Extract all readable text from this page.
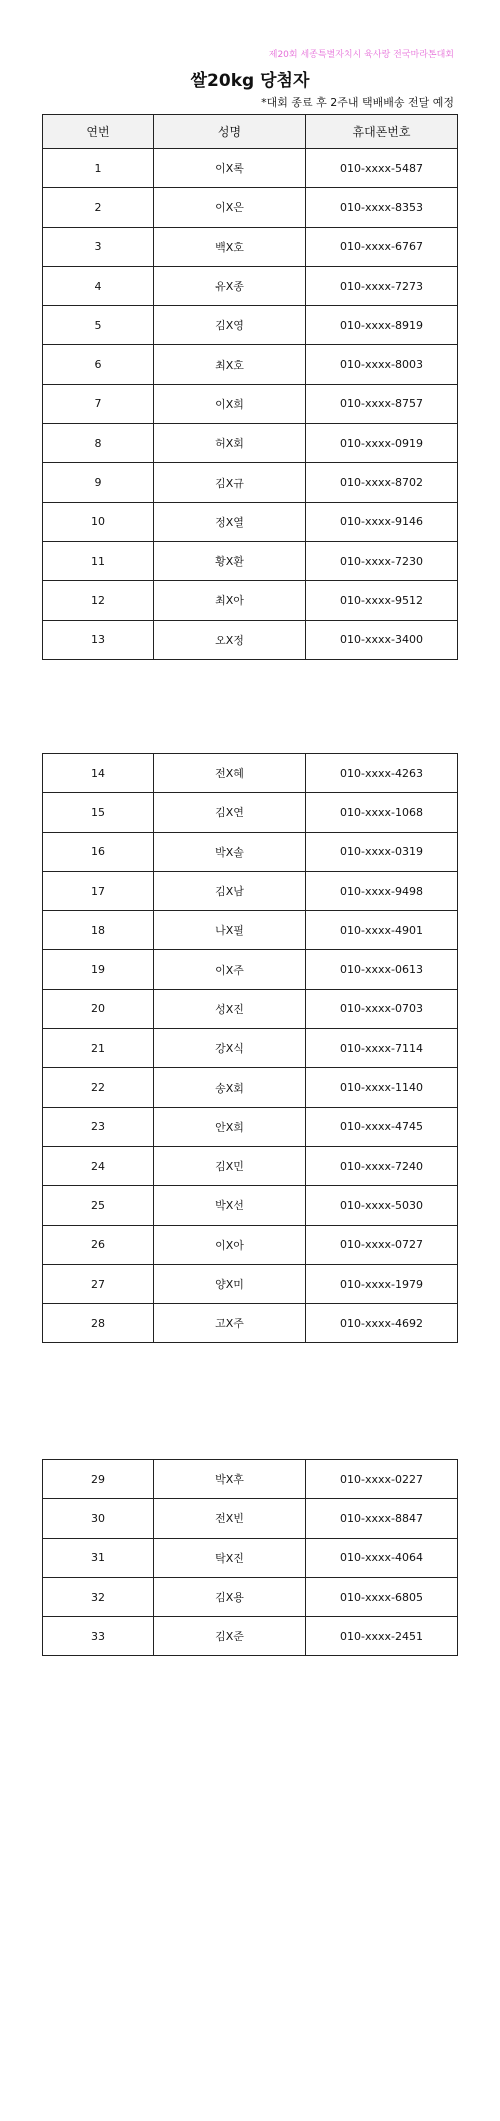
제20회 세종특별자치시 육사랑 전국마라톤대회
쌀20kg 당첨자
*대회 종료 후 2주내 택배배송 전달 예정
연번	성명	휴대폰번호
1	이X록	010-xxxx-5487
2	이X은	010-xxxx-8353
3	백X호	010-xxxx-6767
4	유X종	010-xxxx-7273
5	김X영	010-xxxx-8919
6	최X호	010-xxxx-8003
7	이X희	010-xxxx-8757
8	허X회	010-xxxx-0919
9	김X규	010-xxxx-8702
10	정X열	010-xxxx-9146
11	황X환	010-xxxx-7230
12	최X아	010-xxxx-9512
13	오X정	010-xxxx-3400
14	전X혜	010-xxxx-4263
15	김X연	010-xxxx-1068
16	박X솔	010-xxxx-0319
17	김X남	010-xxxx-9498
18	나X필	010-xxxx-4901
19	이X주	010-xxxx-0613
20	성X진	010-xxxx-0703
21	강X식	010-xxxx-7114
22	송X회	010-xxxx-1140
23	안X희	010-xxxx-4745
24	김X민	010-xxxx-7240
25	박X선	010-xxxx-5030
26	이X아	010-xxxx-0727
27	양X미	010-xxxx-1979
28	고X주	010-xxxx-4692
29	박X후	010-xxxx-0227
30	전X빈	010-xxxx-8847
31	탁X진	010-xxxx-4064
32	김X용	010-xxxx-6805
33	김X준	010-xxxx-2451
